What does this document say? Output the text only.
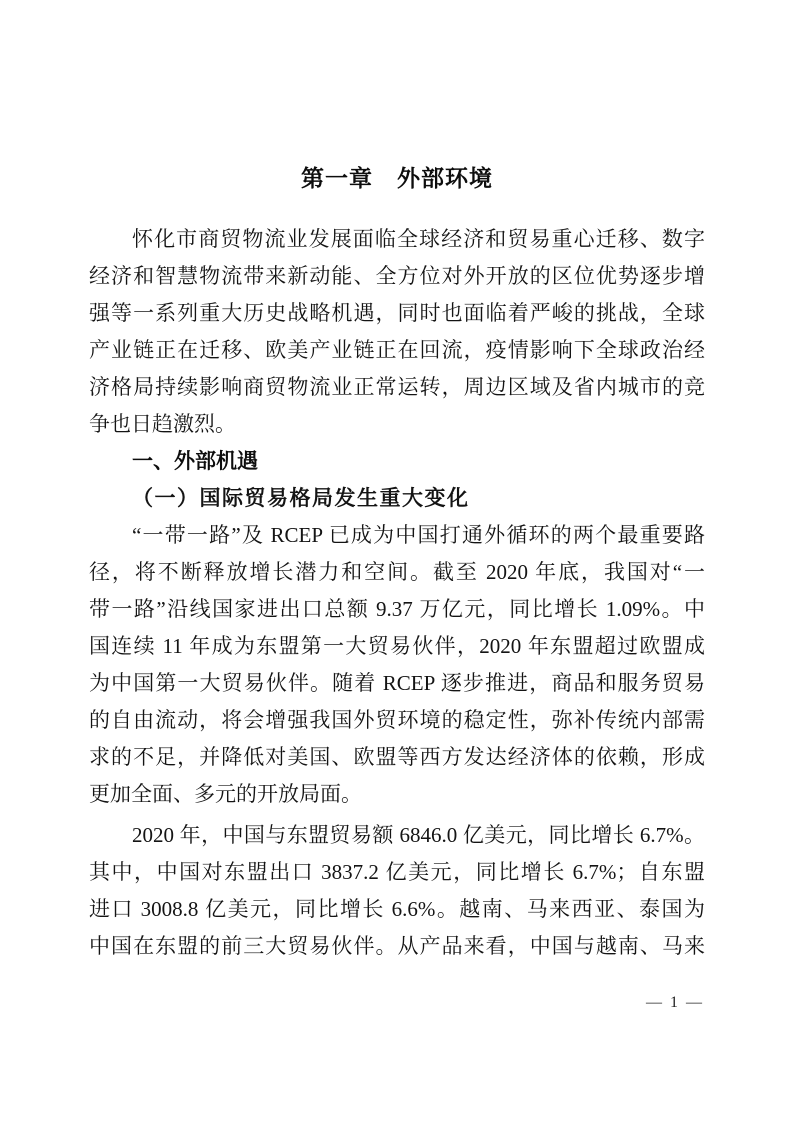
第一章　外部环境
怀化市商贸物流业发展面临全球经济和贸易重心迁移、数字
经济和智慧物流带来新动能、全方位对外开放的区位优势逐步增
强等一系列重大历史战略机遇，同时也面临着严峻的挑战，全球
产业链正在迁移、欧美产业链正在回流，疫情影响下全球政治经
济格局持续影响商贸物流业正常运转，周边区域及省内城市的竞
争也日趋激烈。
一、外部机遇
（一）国际贸易格局发生重大变化
“一带一路”及 RCEP 已成为中国打通外循环的两个最重要路
径，将不断释放增长潜力和空间。截至 2020 年底，我国对“一
带一路”沿线国家进出口总额 9.37 万亿元，同比增长 1.09%。中
国连续 11 年成为东盟第一大贸易伙伴，2020 年东盟超过欧盟成
为中国第一大贸易伙伴。随着 RCEP 逐步推进，商品和服务贸易
的自由流动，将会增强我国外贸环境的稳定性，弥补传统内部需
求的不足，并降低对美国、欧盟等西方发达经济体的依赖，形成
更加全面、多元的开放局面。
2020 年，中国与东盟贸易额 6846.0 亿美元，同比增长 6.7%。
其中，中国对东盟出口 3837.2 亿美元，同比增长 6.7%；自东盟
进口 3008.8 亿美元，同比增长 6.6%。越南、马来西亚、泰国为
中国在东盟的前三大贸易伙伴。从产品来看，中国与越南、马来
— 1 —
